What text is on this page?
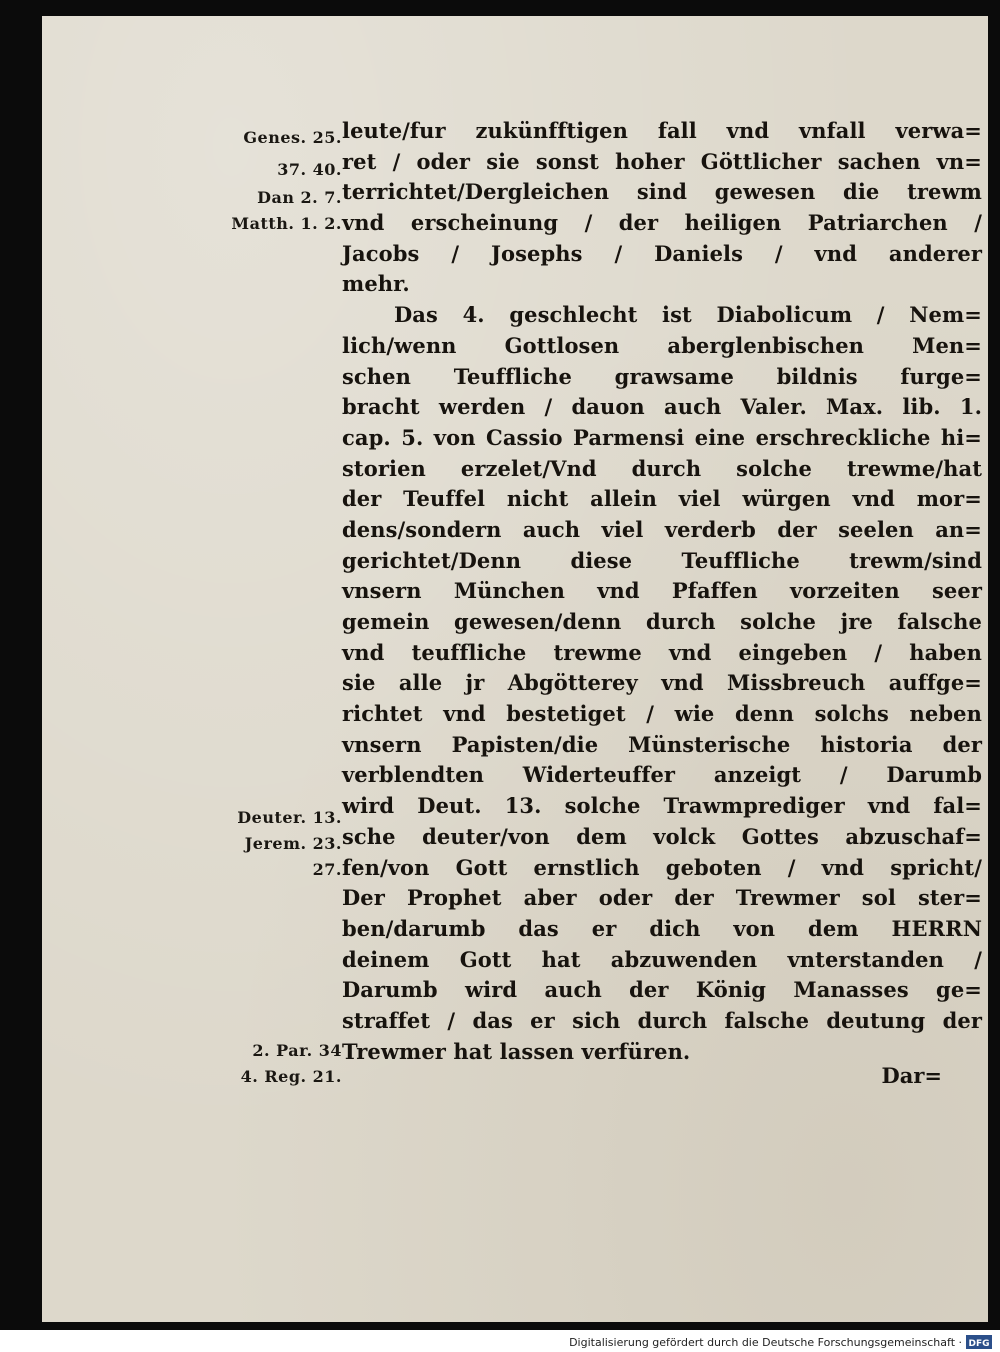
Genes. 25.
37. 40.
Dan 2. 7.
Matth. 1. 2.
Deuter. 13.
Jerem. 23.
27.
2. Par. 34
4. Reg. 21.
leute/fur zukünfftigen fall vnd vnfall verwa=
ret / oder sie sonst hoher Göttlicher sachen vn=
terrichtet/Dergleichen sind gewesen die trewm
vnd erscheinung / der heiligen Patriarchen /
Jacobs / Josephs / Daniels / vnd anderer
mehr.
Das 4. geschlecht ist Diabolicum / Nem=
lich/wenn Gottlosen aberglenbischen Men=
schen Teuffliche grawsame bildnis furge=
bracht werden / dauon auch Valer. Max. lib. 1.
cap. 5. von Cassio Parmensi eine erschreckliche hi=
storien erzelet/Vnd durch solche trewme/hat
der Teuffel nicht allein viel würgen vnd mor=
dens/sondern auch viel verderb der seelen an=
gerichtet/Denn diese Teuffliche trewm/sind
vnsern München vnd Pfaffen vorzeiten seer
gemein gewesen/denn durch solche jre falsche
vnd teuffliche trewme vnd eingeben / haben
sie alle jr Abgötterey vnd Missbreuch auffge=
richtet vnd bestetiget / wie denn solchs neben
vnsern Papisten/die Münsterische historia der
verblendten Widerteuffer anzeigt / Darumb
wird Deut. 13. solche Trawmprediger vnd fal=
sche deuter/von dem volck Gottes abzuschaf=
fen/von Gott ernstlich geboten / vnd spricht/
Der Prophet aber oder der Trewmer sol ster=
ben/darumb das er dich von dem HERRN
deinem Gott hat abzuwenden vnterstanden /
Darumb wird auch der König Manasses ge=
straffet / das er sich durch falsche deutung der
Trewmer hat lassen verfüren.
Dar=
Digitalisierung gefördert durch die Deutsche Forschungsgemeinschaft · DFG
